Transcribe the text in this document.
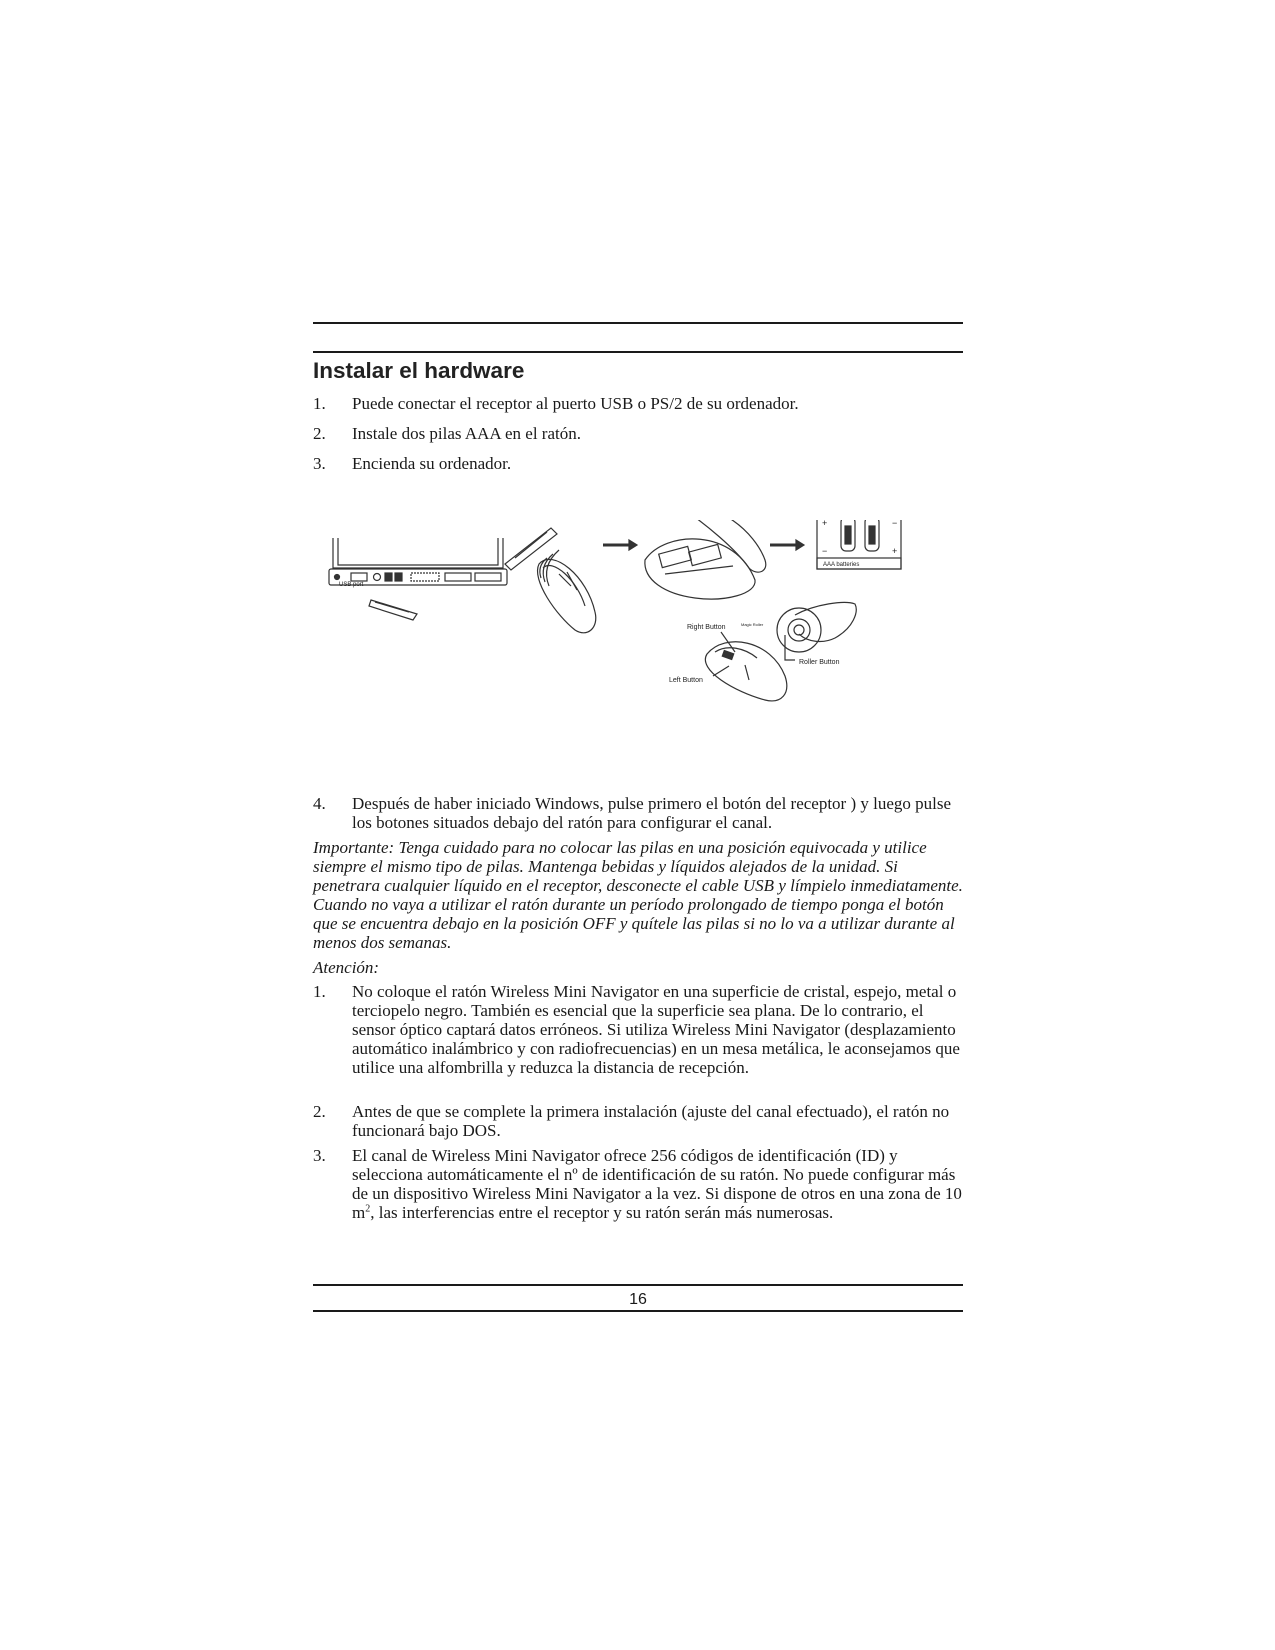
Instalar el hardware
1. Puede conectar el receptor al puerto USB o PS/2 de su ordenador.
2. Instale dos pilas AAA en el ratón.
3. Encienda su ordenador.
USB port
AAA batteries
+	−
−	+
Right Button	Magic Roller
Roller Button
Left Button
4. Después de haber iniciado Windows, pulse primero el botón del receptor ) y luego pulse los botones situados debajo del ratón para configurar el canal.

Importante: Tenga cuidado para no colocar las pilas en una posición equivocada y utilice siempre el mismo tipo de pilas. Mantenga bebidas y líquidos alejados de la unidad. Si penetrara cualquier líquido en el receptor, desconecte el cable USB y límpielo inmediatamente. Cuando no vaya a utilizar el ratón durante un período prolongado de tiempo ponga el botón que se encuentra debajo en la posición OFF y quítele las pilas si no lo va a utilizar durante al menos dos semanas.

Atención:

1. No coloque el ratón Wireless Mini Navigator en una superficie de cristal, espejo, metal o terciopelo negro. También es esencial que la superficie sea plana. De lo contrario, el sensor óptico captará datos erróneos. Si utiliza Wireless Mini Navigator (desplazamiento automático inalámbrico y con radiofrecuencias) en un mesa metálica, le aconsejamos que utilice una alfombrilla y reduzca la distancia de recepción.
2. Antes de que se complete la primera instalación (ajuste del canal efectuado), el ratón no funcionará bajo DOS.
3. El canal de Wireless Mini Navigator ofrece 256 códigos de identificación (ID) y selecciona automáticamente el nº de identificación de su ratón. No puede configurar más de un dispositivo Wireless Mini Navigator a la vez. Si dispone de otros en una zona de 10 $m^2$, las interferencias entre el receptor y su ratón serán más numerosas.
16
